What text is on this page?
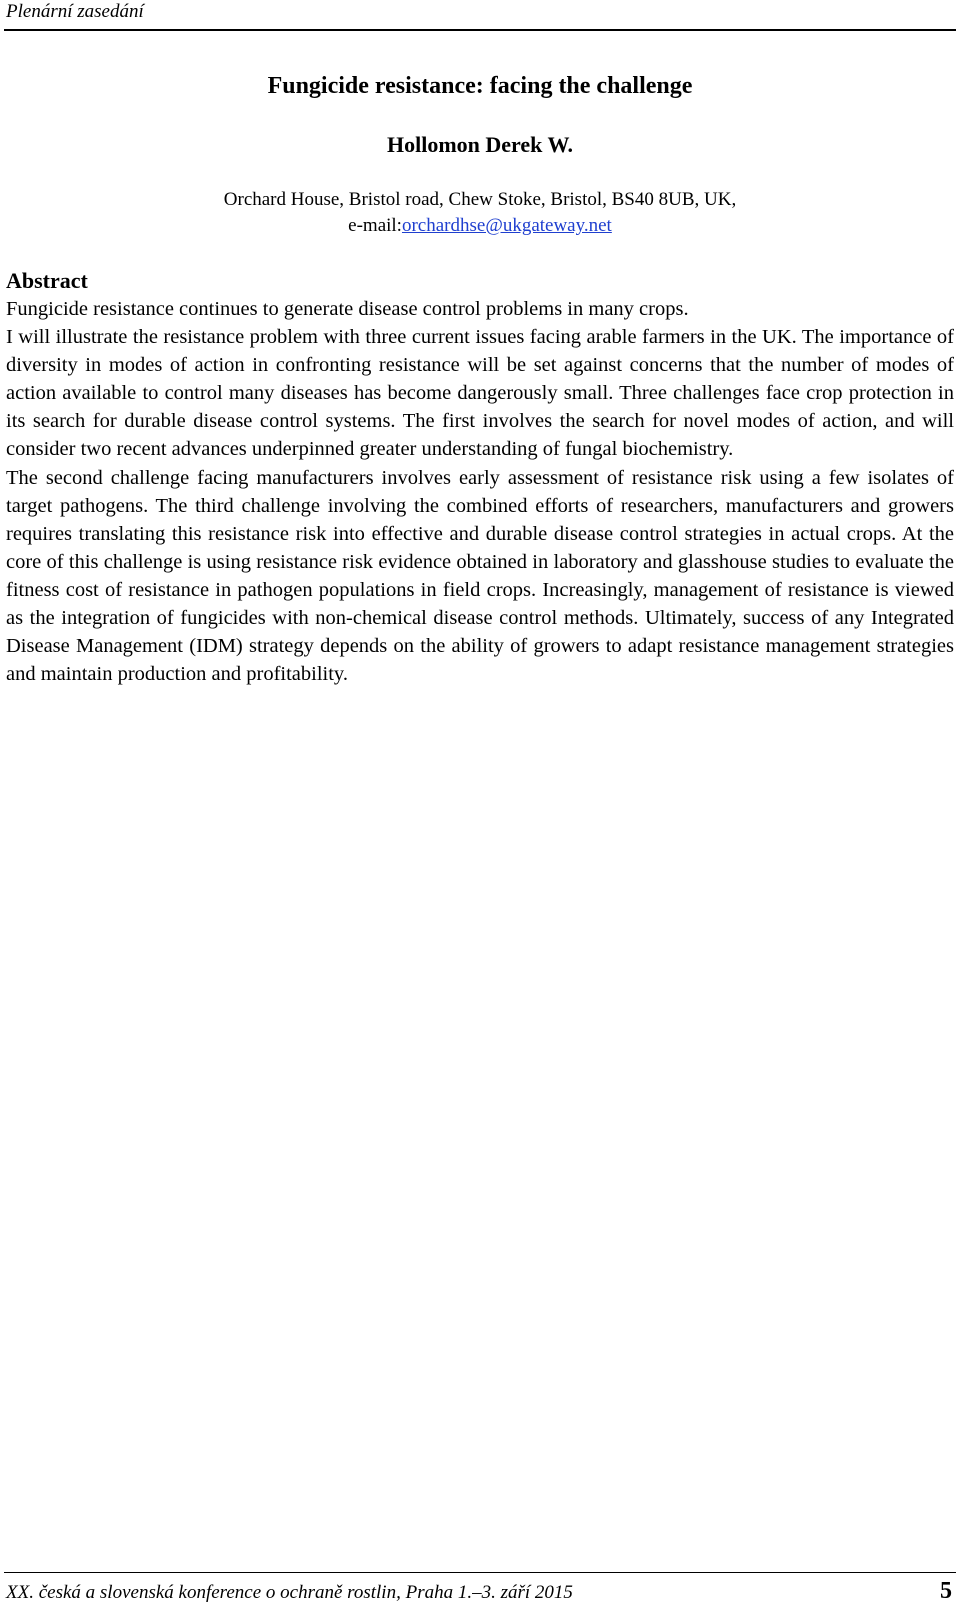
Plenární zasedání
Fungicide resistance: facing the challenge
Hollomon Derek W.
Orchard House, Bristol road, Chew Stoke, Bristol, BS40 8UB, UK,
e-mail:orchardhse@ukgateway.net
Abstract

Fungicide resistance continues to generate disease control problems in many crops.

I will illustrate the resistance problem with three current issues facing arable farmers in the UK. The importance of diversity in modes of action in confronting resistance will be set against concerns that the number of modes of action available to control many diseases has become dangerously small. Three challenges face crop protection in its search for durable disease control systems. The first involves the search for novel modes of action, and will consider two recent advances underpinned greater understanding of fungal biochemistry.

The second challenge facing manufacturers involves early assessment of resistance risk using a few isolates of target pathogens. The third challenge involving the combined efforts of researchers, manufacturers and growers requires translating this resistance risk into effective and durable disease control strategies in actual crops. At the core of this challenge is using resistance risk evidence obtained in laboratory and glasshouse studies to evaluate the fitness cost of resistance in pathogen populations in field crops. Increasingly, management of resistance is viewed as the integration of fungicides with non-chemical disease control methods. Ultimately, success of any Integrated Disease Management (IDM) strategy depends on the ability of growers to adapt resistance management strategies and maintain production and profitability.

XX. česká a slovenská konference o ochraně rostlin, Praha 1.–3. září 2015	5
